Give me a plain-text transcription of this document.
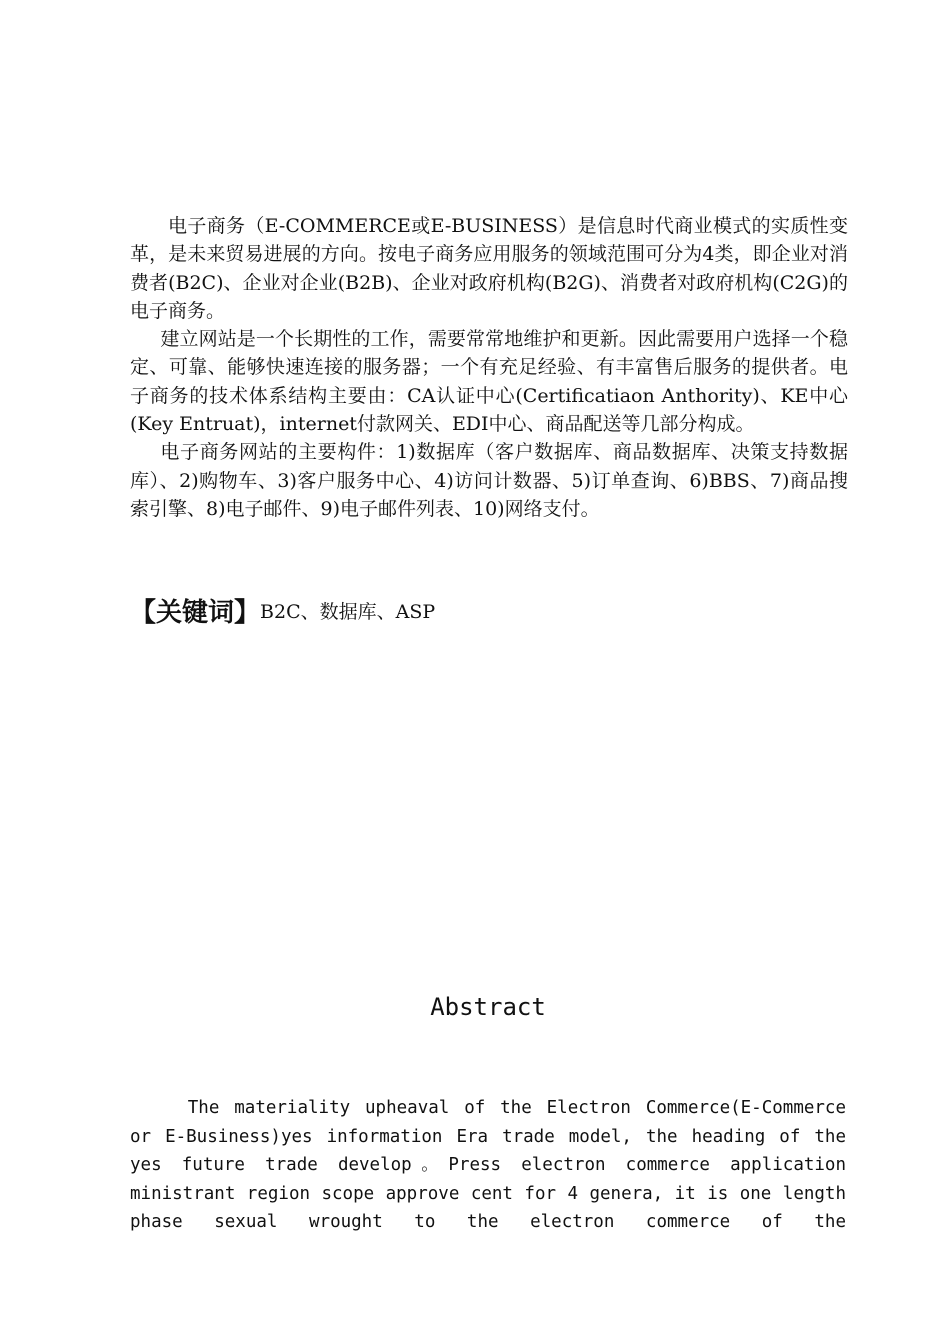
电子商务（E-COMMERCE或E-BUSINESS）是信息时代商业模式的实质性变革，是未来贸易进展的方向。按电子商务应用服务的领域范围可分为4类，即企业对消费者(B2C)、企业对企业(B2B)、企业对政府机构(B2G)、消费者对政府机构(C2G)的电子商务。

建立网站是一个长期性的工作，需要常常地维护和更新。因此需要用户选择一个稳定、可靠、能够快速连接的服务器；一个有充足经验、有丰富售后服务的提供者。电子商务的技术体系结构主要由：CA认证中心(Certificatiaon Anthority)、KE中心(Key Entruat)，internet付款网关、EDI中心、商品配送等几部分构成。

电子商务网站的主要构件：1)数据库（客户数据库、商品数据库、决策支持数据库）、2)购物车、3)客户服务中心、4)访问计数器、5)订单查询、6)BBS、7)商品搜索引擎、8)电子邮件、9)电子邮件列表、10)网络支付。

【关键词】B2C、数据库、ASP
Abstract

The materiality upheaval of the Electron Commerce(E-Commerce or E-Business)yes information Era trade model, the heading of the yes future trade develop。Press electron commerce application ministrant region scope approve cent for 4 genera, it is one length phase sexual wrought to the electron commerce of the
